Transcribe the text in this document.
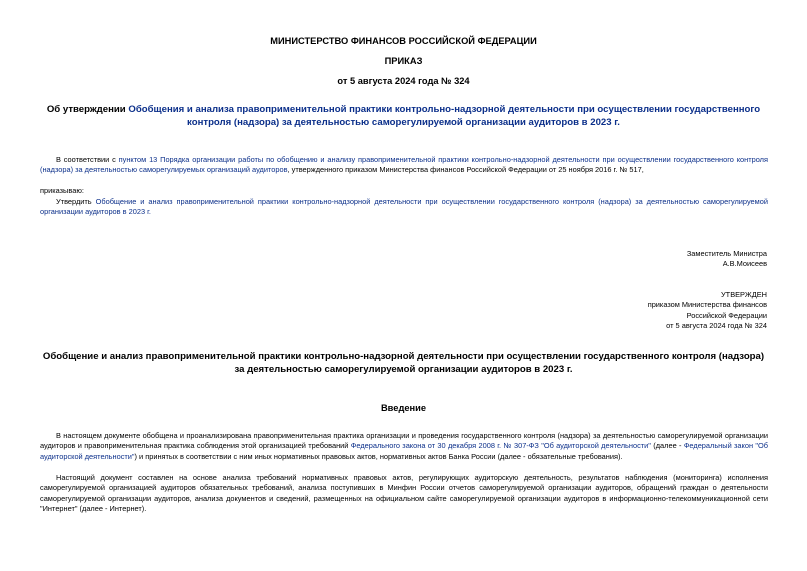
МИНИСТЕРСТВО ФИНАНСОВ РОССИЙСКОЙ ФЕДЕРАЦИИ
ПРИКАЗ
от 5 августа 2024 года № 324
Об утверждении Обобщения и анализа правоприменительной практики контрольно-надзорной деятельности при осуществлении государственного контроля (надзора) за деятельностью саморегулируемой организации аудиторов в 2023 г.
В соответствии с пунктом 13 Порядка организации работы по обобщению и анализу правоприменительной практики контрольно-надзорной деятельности при осуществлении государственного контроля (надзора) за деятельностью саморегулируемых организаций аудиторов, утвержденного приказом Министерства финансов Российской Федерации от 25 ноября 2016 г. № 517,
приказываю:
Утвердить Обобщение и анализ правоприменительной практики контрольно-надзорной деятельности при осуществлении государственного контроля (надзора) за деятельностью саморегулируемой организации аудиторов в 2023 г.
Заместитель Министра
А.В.Моисеев
УТВЕРЖДЕН
приказом Министерства финансов
Российской Федерации
от 5 августа 2024 года № 324
Обобщение и анализ правоприменительной практики контрольно-надзорной деятельности при осуществлении государственного контроля (надзора) за деятельностью саморегулируемой организации аудиторов в 2023 г.
Введение
В настоящем документе обобщена и проанализирована правоприменительная практика организации и проведения государственного контроля (надзора) за деятельностью саморегулируемой организации аудиторов и правоприменительная практика соблюдения этой организацией требований Федерального закона от 30 декабря 2008 г. № 307-ФЗ "Об аудиторской деятельности" (далее - Федеральный закон "Об аудиторской деятельности") и принятых в соответствии с ним иных нормативных правовых актов, нормативных актов Банка России (далее - обязательные требования).
Настоящий документ составлен на основе анализа требований нормативных правовых актов, регулирующих аудиторскую деятельность, результатов наблюдения (мониторинга) исполнения саморегулируемой организацией аудиторов обязательных требований, анализа поступивших в Минфин России отчетов саморегулируемой организации аудиторов, обращений граждан о деятельности саморегулируемой организации аудиторов, анализа документов и сведений, размещенных на официальном сайте саморегулируемой организации аудиторов в информационно-телекоммуникационной сети "Интернет" (далее - Интернет).
